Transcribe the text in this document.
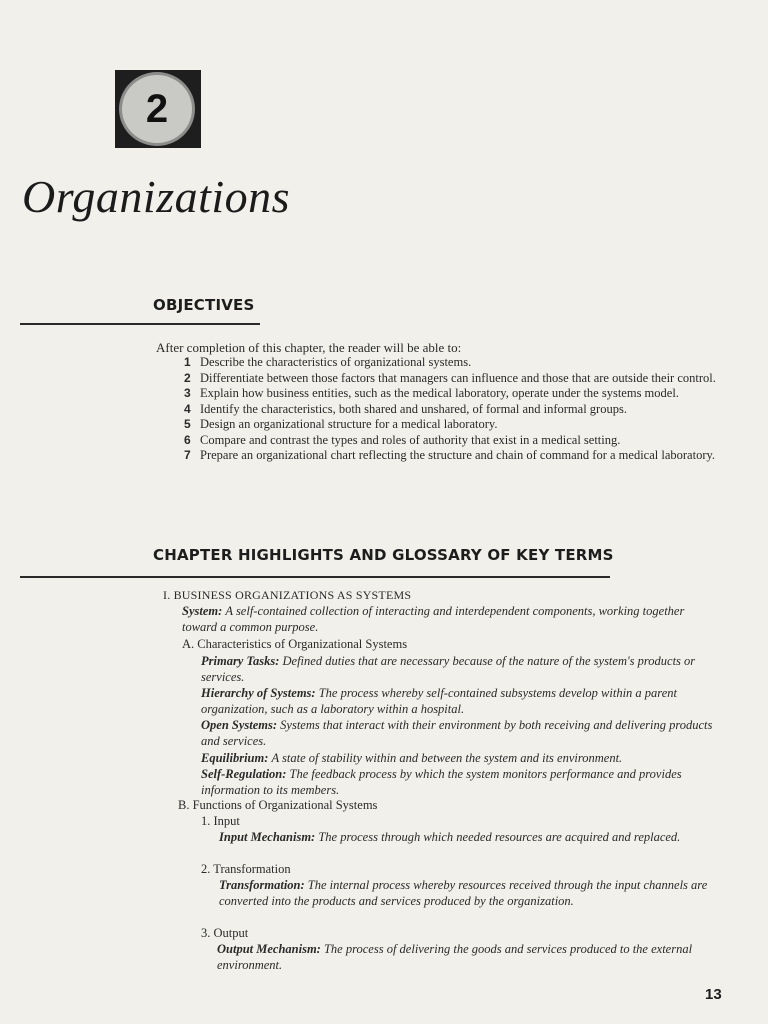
2
Organizations
OBJECTIVES
After completion of this chapter, the reader will be able to:
1 Describe the characteristics of organizational systems.
2 Differentiate between those factors that managers can influence and those that are outside their control.
3 Explain how business entities, such as the medical laboratory, operate under the systems model.
4 Identify the characteristics, both shared and unshared, of formal and informal groups.
5 Design an organizational structure for a medical laboratory.
6 Compare and contrast the types and roles of authority that exist in a medical setting.
7 Prepare an organizational chart reflecting the structure and chain of command for a medical laboratory.
CHAPTER HIGHLIGHTS AND GLOSSARY OF KEY TERMS
I. BUSINESS ORGANIZATIONS AS SYSTEMS
System: A self-contained collection of interacting and interdependent components, working together toward a common purpose.
A. Characteristics of Organizational Systems
Primary Tasks: Defined duties that are necessary because of the nature of the system's products or services.
Hierarchy of Systems: The process whereby self-contained subsystems develop within a parent organization, such as a laboratory within a hospital.
Open Systems: Systems that interact with their environment by both receiving and delivering products and services.
Equilibrium: A state of stability within and between the system and its environment.
Self-Regulation: The feedback process by which the system monitors performance and provides information to its members.
B. Functions of Organizational Systems
1. Input
Input Mechanism: The process through which needed resources are acquired and replaced.
2. Transformation
Transformation: The internal process whereby resources received through the input channels are converted into the products and services produced by the organization.
3. Output
Output Mechanism: The process of delivering the goods and services produced to the external environment.
13
